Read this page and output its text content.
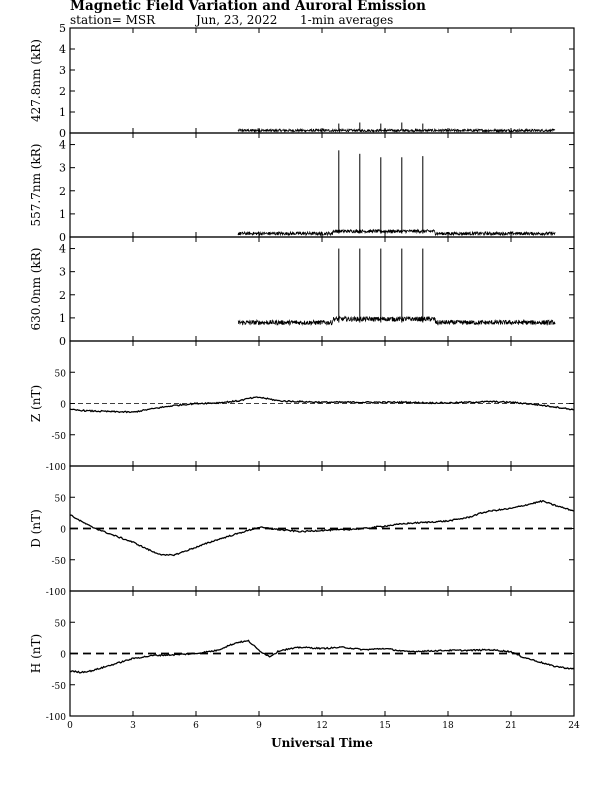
Magnetic Field Variation and Auroral Emission
station= MSR	Jun, 23, 2022 1-min averages
0
1
2
3
4
5
427.8nm (kR)
0
1
2
3
4
557.7nm (kR)
0
1
2
3
4
630.0nm (kR)
-100
-50
0
50
Z (nT)
-100
-50
0
50
D (nT)
-100
-50
0
50
H (nT)
0	3	6	9	12	15	18	21	24
Universal Time
